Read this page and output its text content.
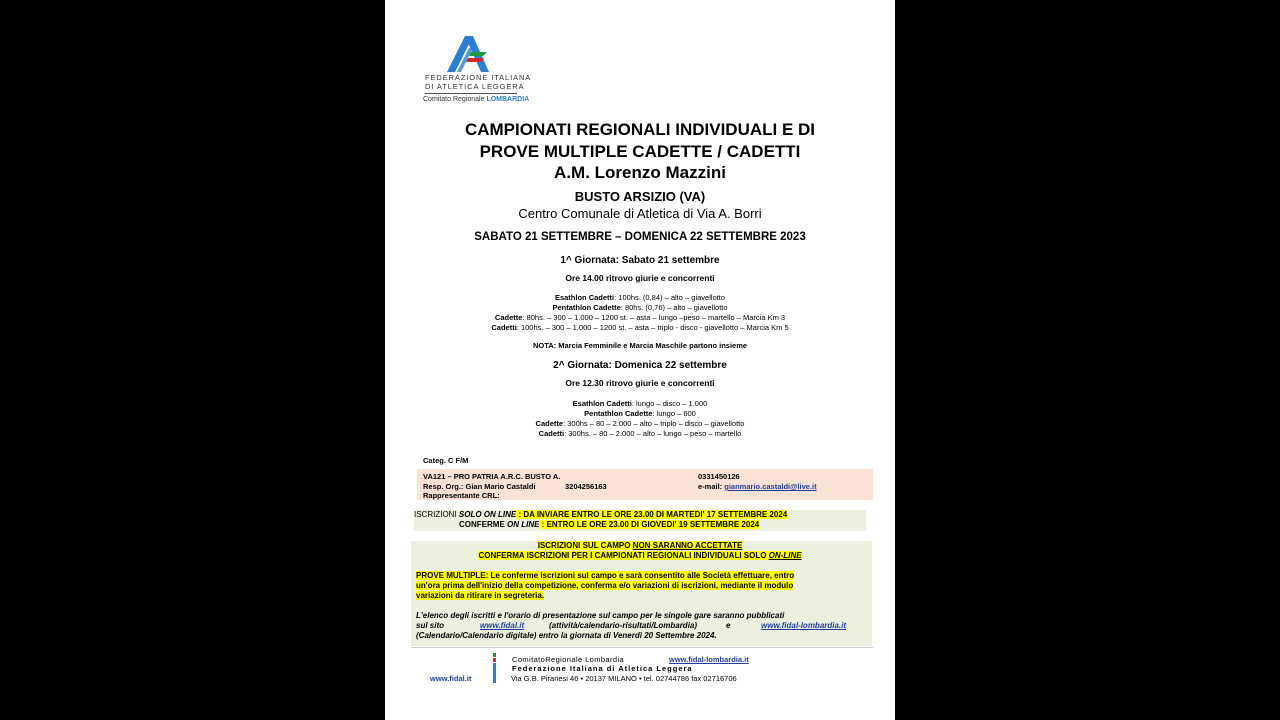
FEDERAZIONE ITALIANA
DI ATLETICA LEGGERA
Comitato Regionale LOMBARDIA
CAMPIONATI REGIONALI INDIVIDUALI E DI
PROVE MULTIPLE CADETTE / CADETTI
A.M. Lorenzo Mazzini
BUSTO ARSIZIO (VA)
Centro Comunale di Atletica di Via A. Borri
SABATO 21 SETTEMBRE – DOMENICA 22 SETTEMBRE 2023
1^ Giornata: Sabato 21 settembre
Ore 14.00 ritrovo giurie e concorrenti
Esathlon Cadetti: 100hs. (0,84) – alto – giavellotto
Pentathlon Cadette: 80hs. (0,76) – alto – giavellotto
Cadette: 80hs. – 300 – 1.000 – 1200 st. – asta – lungo –peso – martello – Marcia Km 3
Cadetti: 100hs. – 300 – 1.000 – 1200 st. – asta – triplo - disco - giavellotto – Marcia Km 5
NOTA: Marcia Femminile e Marcia Maschile partono insieme
2^ Giornata: Domenica 22 settembre
Ore 12.30 ritrovo giurie e concorrenti
Esathlon Cadetti: lungo – disco – 1.000
Pentathlon Cadette: lungo – 600
Cadette: 300hs – 80 – 2.000 – alto – triplo – disco – giavellotto
Cadetti: 300hs. – 80 – 2.000 – alto – lungo – peso – martello
Categ. C F/M
VA121 – PRO PATRIA A.R.C. BUSTO A.	0331450126
Resp. Org.: Gian Mario Castaldi	3204256163	e-mail: gianmario.castaldi@live.it
Rappresentante CRL:
ISCRIZIONI SOLO ON LINE : DA INVIARE ENTRO LE ORE 23.00 DI MARTEDI' 17 SETTEMBRE 2024
CONFERME ON LINE : ENTRO LE ORE 23.00 DI GIOVEDI' 19 SETTEMBRE 2024
ISCRIZIONI SUL CAMPO NON SARANNO ACCETTATE
CONFERMA ISCRIZIONI PER I CAMPIONATI REGIONALI INDIVIDUALI SOLO ON-LINE
PROVE MULTIPLE: Le conferme iscrizioni sul campo e sarà consentito alle Società effettuare, entro
un'ora prima dell'inizio della competizione, conferma e/o variazioni di iscrizioni, mediante il modulo
variazioni da ritirare in segreteria.
L'elenco degli iscritti e l'orario di presentazione sul campo per le singole gare saranno pubblicati
sul sito	www.fidal.it	(attività/calendario-risultati/Lombardia)	e	www.fidal-lombardia.it
(Calendario/Calendario digitale) entro la giornata di Venerdì 20 Settembre 2024.
ComitatoRegionale Lombardia	www.fidal-lombardia.it
Federazione Italiana di Atletica Leggera
www.fidal.it	Via G.B. Piranesi 46 • 20137 MILANO • tel. 02744786 fax 02716706
